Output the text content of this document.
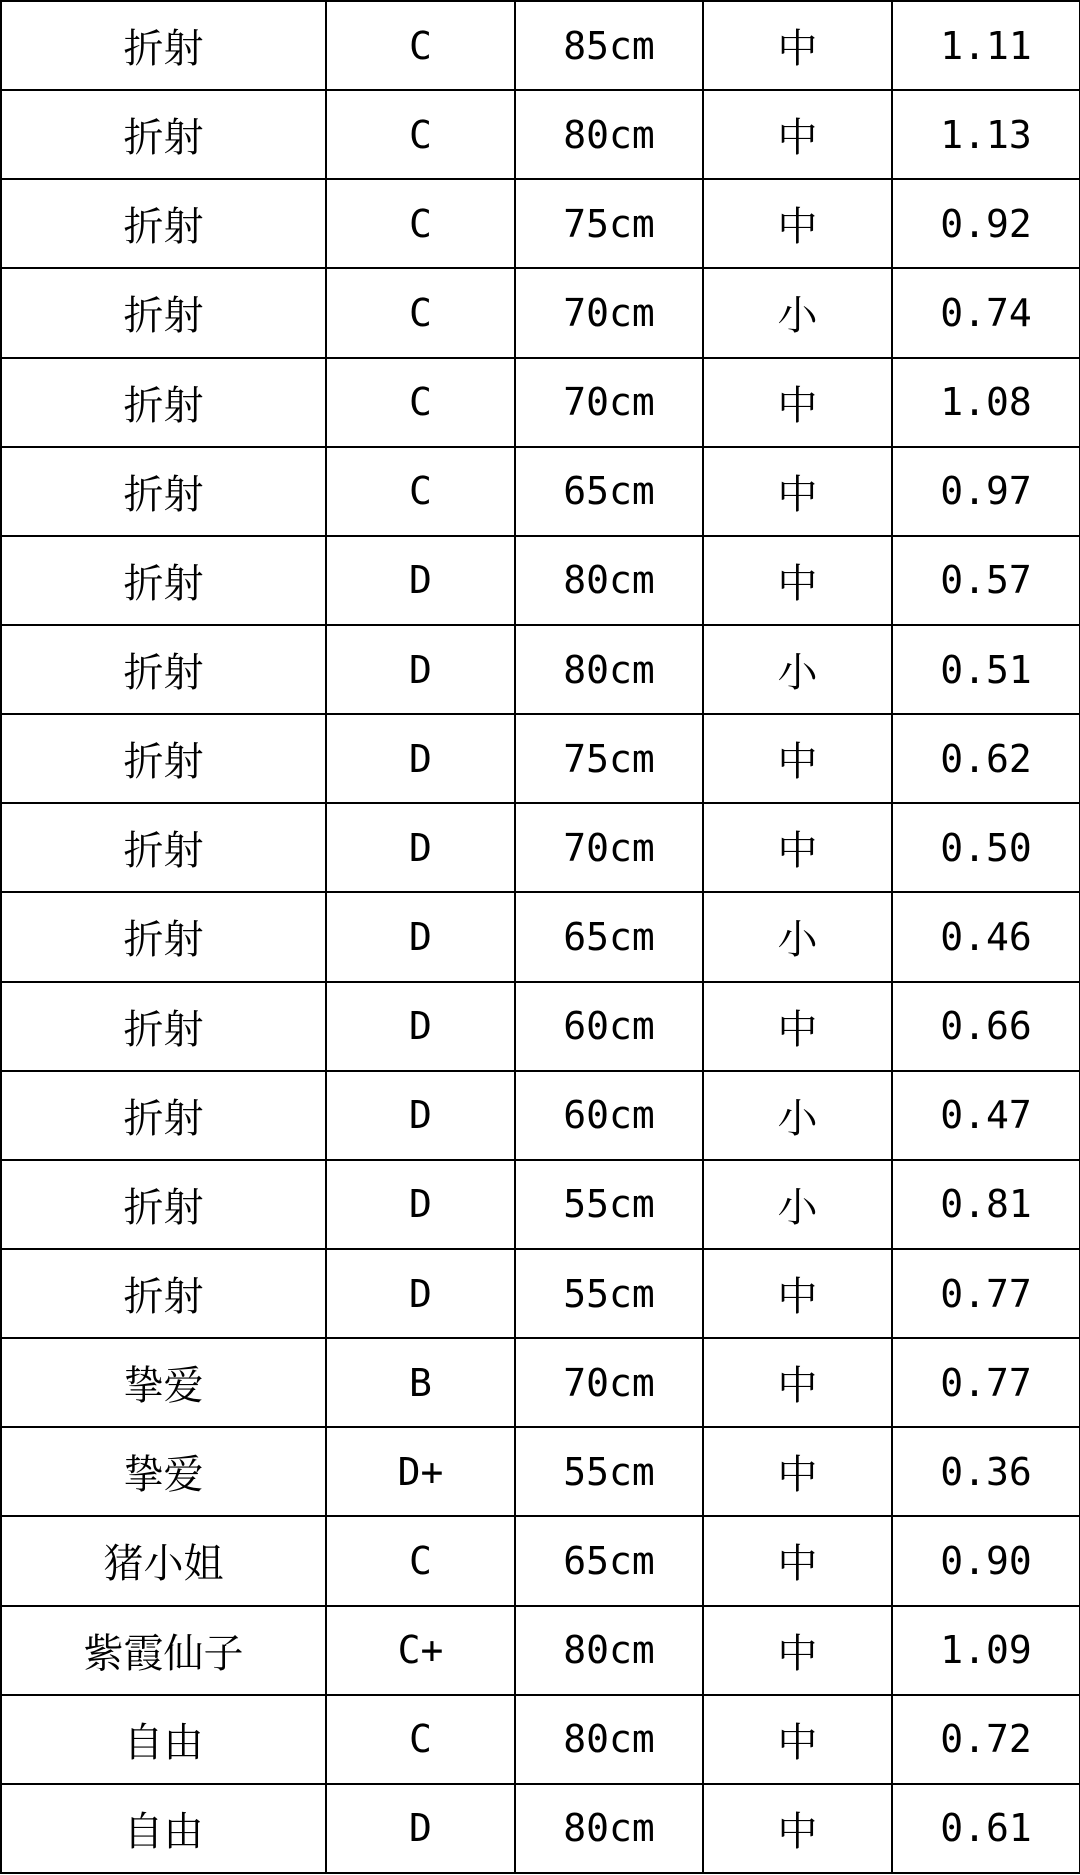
折射	C	85cm	中	1.11
折射	C	80cm	中	1.13
折射	C	75cm	中	0.92
折射	C	70cm	小	0.74
折射	C	70cm	中	1.08
折射	C	65cm	中	0.97
折射	D	80cm	中	0.57
折射	D	80cm	小	0.51
折射	D	75cm	中	0.62
折射	D	70cm	中	0.50
折射	D	65cm	小	0.46
折射	D	60cm	中	0.66
折射	D	60cm	小	0.47
折射	D	55cm	小	0.81
折射	D	55cm	中	0.77
挚爱	B	70cm	中	0.77
挚爱	D+	55cm	中	0.36
猪小姐	C	65cm	中	0.90
紫霞仙子	C+	80cm	中	1.09
自由	C	80cm	中	0.72
自由	D	80cm	中	0.61
